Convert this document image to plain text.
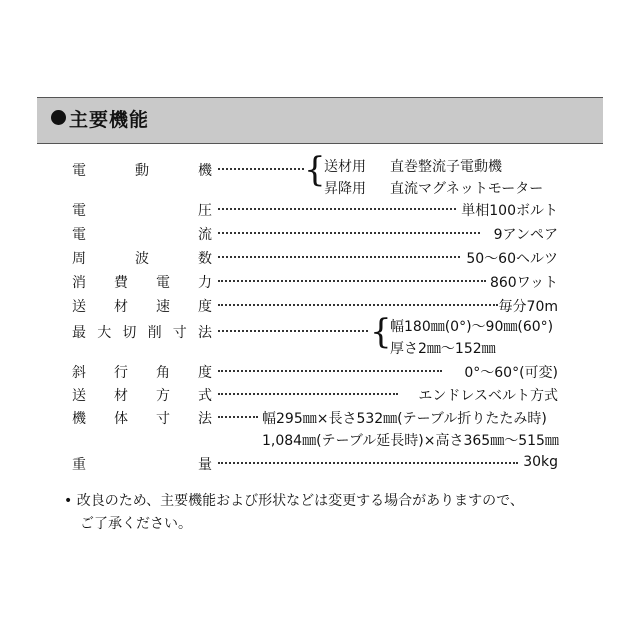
主要機能
電	動	機	{
送材用 直巻整流子電動機
昇降用 直流マグネットモーター
電	圧	単相100ボルト
電	流	9アンペア
周	波	数	50～60ヘルツ
消 費 電 力	860ワット
送 材 速 度	毎分70m
最 大 切 削 寸 法	{
幅180㎜(0°)～90㎜(60°)
厚さ2㎜～152㎜
斜 行 角 度	0°～60°(可変)
送 材 方 式	エンドレスベルト方式
機 体 寸 法	幅295㎜×長さ532㎜(テーブル折りたたみ時)
1,084㎜(テーブル延長時)×高さ365㎜～515㎜
重	量	30kg
• 改良のため、主要機能および形状などは変更する場合がありますので、
ご了承ください。
